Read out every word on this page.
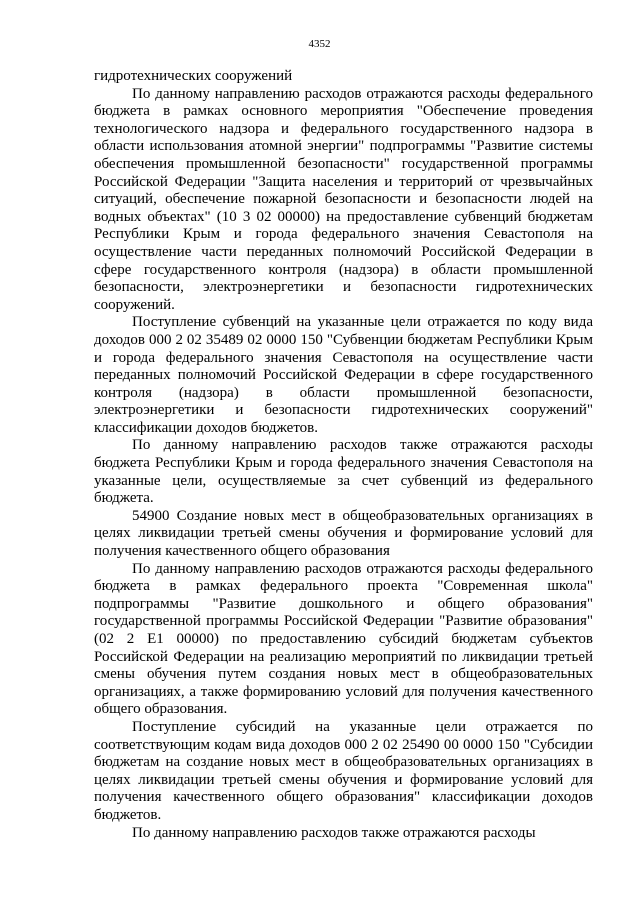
4352

гидротехнических сооружений

По данному направлению расходов отражаются расходы федерального бюджета в рамках основного мероприятия "Обеспечение проведения технологического надзора и федерального государственного надзора в области использования атомной энергии" подпрограммы "Развитие системы обеспечения промышленной безопасности" государственной программы Российской Федерации "Защита населения и территорий от чрезвычайных ситуаций, обеспечение пожарной безопасности и безопасности людей на водных объектах" (10 3 02 00000) на предоставление субвенций бюджетам Республики Крым и города федерального значения Севастополя на осуществление части переданных полномочий Российской Федерации в сфере государственного контроля (надзора) в области промышленной безопасности, электроэнергетики и безопасности гидротехнических сооружений.

Поступление субвенций на указанные цели отражается по коду вида доходов 000 2 02 35489 02 0000 150 "Субвенции бюджетам Республики Крым и города федерального значения Севастополя на осуществление части переданных полномочий Российской Федерации в сфере государственного контроля (надзора) в области промышленной безопасности, электроэнергетики и безопасности гидротехнических сооружений" классификации доходов бюджетов.

По данному направлению расходов также отражаются расходы бюджета Республики Крым и города федерального значения Севастополя на указанные цели, осуществляемые за счет субвенций из федерального бюджета.

54900 Создание новых мест в общеобразовательных организациях в целях ликвидации третьей смены обучения и формирование условий для получения качественного общего образования

По данному направлению расходов отражаются расходы федерального бюджета в рамках федерального проекта "Современная школа" подпрограммы "Развитие дошкольного и общего образования" государственной программы Российской Федерации "Развитие образования" (02 2 E1 00000) по предоставлению субсидий бюджетам субъектов Российской Федерации на реализацию мероприятий по ликвидации третьей смены обучения путем создания новых мест в общеобразовательных организациях, а также формированию условий для получения качественного общего образования.

Поступление субсидий на указанные цели отражается по соответствующим кодам вида доходов 000 2 02 25490 00 0000 150 "Субсидии бюджетам на создание новых мест в общеобразовательных организациях в целях ликвидации третьей смены обучения и формирование условий для получения качественного общего образования" классификации доходов бюджетов.

По данному направлению расходов также отражаются расходы
